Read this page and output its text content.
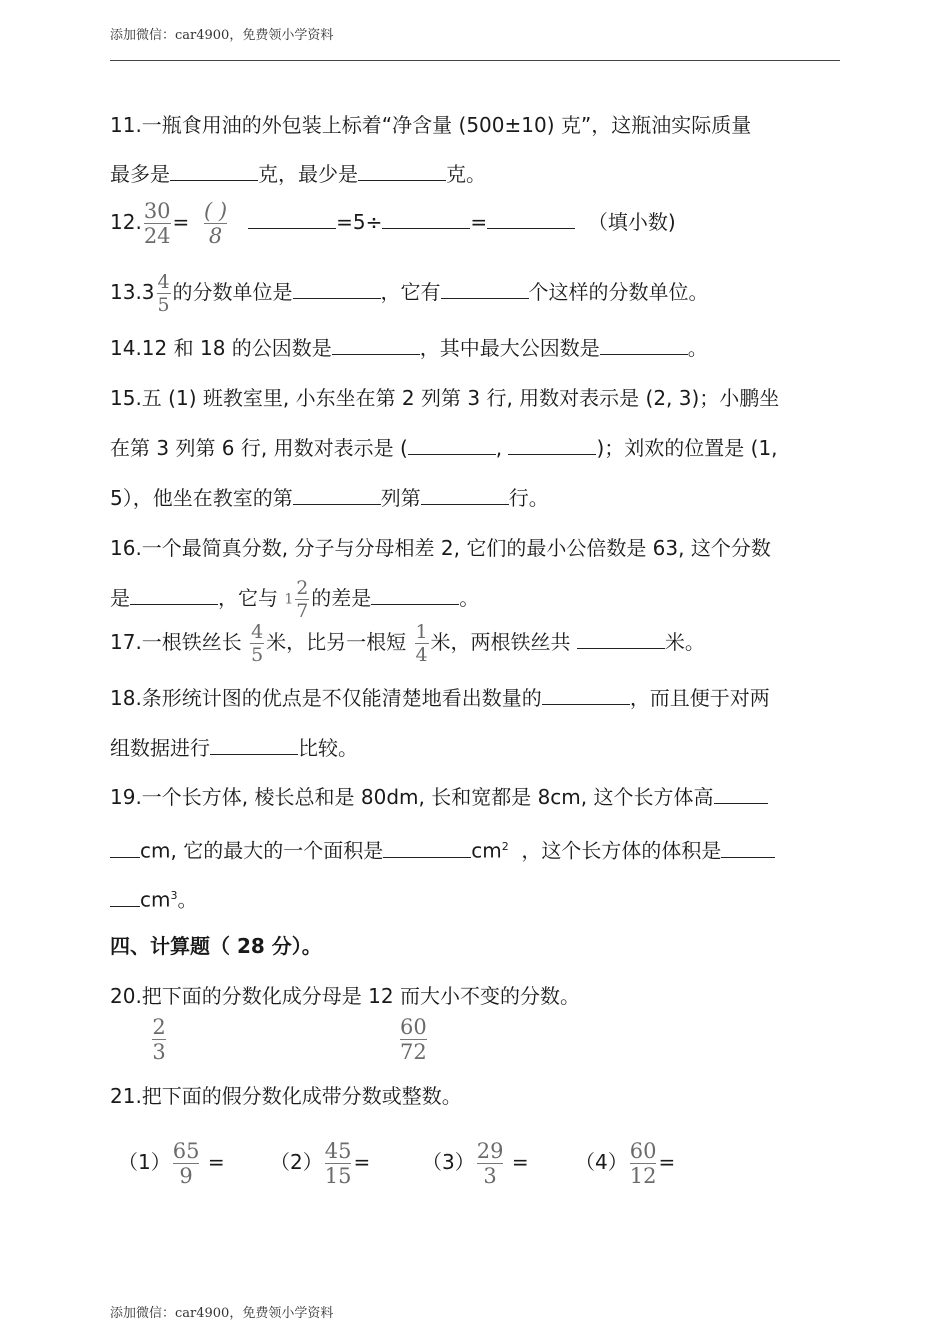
添加微信：car4900，免费领小学资料
11.一瓶食用油的外包装上标着“净含量 (500±10) 克”，这瓶油实际质量
最多是	克，最少是	克。
12. $\frac{30}{24} = \frac{( )}{8}$	=5÷	=	（填小数)
$13.3 \frac{4}{5}$ 的分数单位是	，它有	个这样的分数单位。
14.12 和 18 的公因数是	，其中最大公因数是	。
15.五 (1) 班教室里, 小东坐在第 2 列第 3 行, 用数对表示是 (2, 3)；小鹏坐
在第 3 列第 6 行, 用数对表示是 (	,	)；刘欢的位置是 (1,
5），他坐在教室的第	列第	行。
16.一个最简真分数, 分子与分母相差 2, 它们的最小公倍数是 63, 这个分数
是	，它与 $1 \frac{2}{7}$ 的差是	。
17.一根铁丝长 $\frac{4}{5}$ 米，比另一根短 $\frac{1}{4}$ 米，两根铁丝共	米。
18.条形统计图的优点是不仅能清楚地看出数量的	，而且便于对两
组数据进行	比较。
19.一个长方体, 棱长总和是 80dm, 长和宽都是 8cm, 这个长方体高
cm, 它的最大的一个面积是	$cm^2$ ，这个长方体的体积是
$cm^3$。
四、计算题（ 28 分）。
20.把下面的分数化成分母是 12 而大小不变的分数。
$\frac{2}{3}$	$\frac{60}{72}$
21.把下面的假分数化成带分数或整数。
$(1) \frac{65}{9} = (2) \frac{45}{15}$ =	$(3) \frac{29}{3} = (4) \frac{60}{12}$ =
添加微信：car4900，免费领小学资料
